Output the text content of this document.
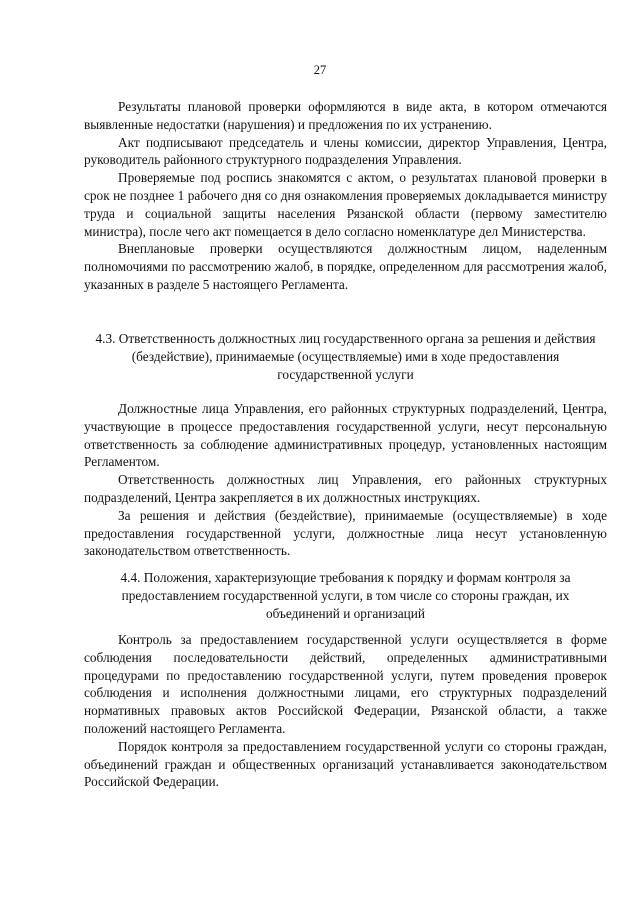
27

Результаты плановой проверки оформляются в виде акта, в котором отмечаются выявленные недостатки (нарушения) и предложения по их устранению.

Акт подписывают председатель и члены комиссии, директор Управления, Центра, руководитель районного структурного подразделения Управления.

Проверяемые под роспись знакомятся с актом, о результатах плановой проверки в срок не позднее 1 рабочего дня со дня ознакомления проверяемых докладывается министру труда и социальной защиты населения Рязанской области (первому заместителю министра), после чего акт помещается в дело согласно номенклатуре дел Министерства.

Внеплановые проверки осуществляются должностным лицом, наделенным полномочиями по рассмотрению жалоб, в порядке, определенном для рассмотрения жалоб, указанных в разделе 5 настоящего Регламента.

4.3. Ответственность должностных лиц государственного органа за решения и действия (бездействие), принимаемые (осуществляемые) ими в ходе предоставления государственной услуги

Должностные лица Управления, его районных структурных подразделений, Центра, участвующие в процессе предоставления государственной услуги, несут персональную ответственность за соблюдение административных процедур, установленных настоящим Регламентом.

Ответственность должностных лиц Управления, его районных структурных подразделений, Центра закрепляется в их должностных инструкциях.

За решения и действия (бездействие), принимаемые (осуществляемые) в ходе предоставления государственной услуги, должностные лица несут установленную законодательством ответственность.

4.4. Положения, характеризующие требования к порядку и формам контроля за предоставлением государственной услуги, в том числе со стороны граждан, их объединений и организаций

Контроль за предоставлением государственной услуги осуществляется в форме соблюдения последовательности действий, определенных административными процедурами по предоставлению государственной услуги, путем проведения проверок соблюдения и исполнения должностными лицами, его структурных подразделений нормативных правовых актов Российской Федерации, Рязанской области, а также положений настоящего Регламента.

Порядок контроля за предоставлением государственной услуги со стороны граждан, объединений граждан и общественных организаций устанавливается законодательством Российской Федерации.
